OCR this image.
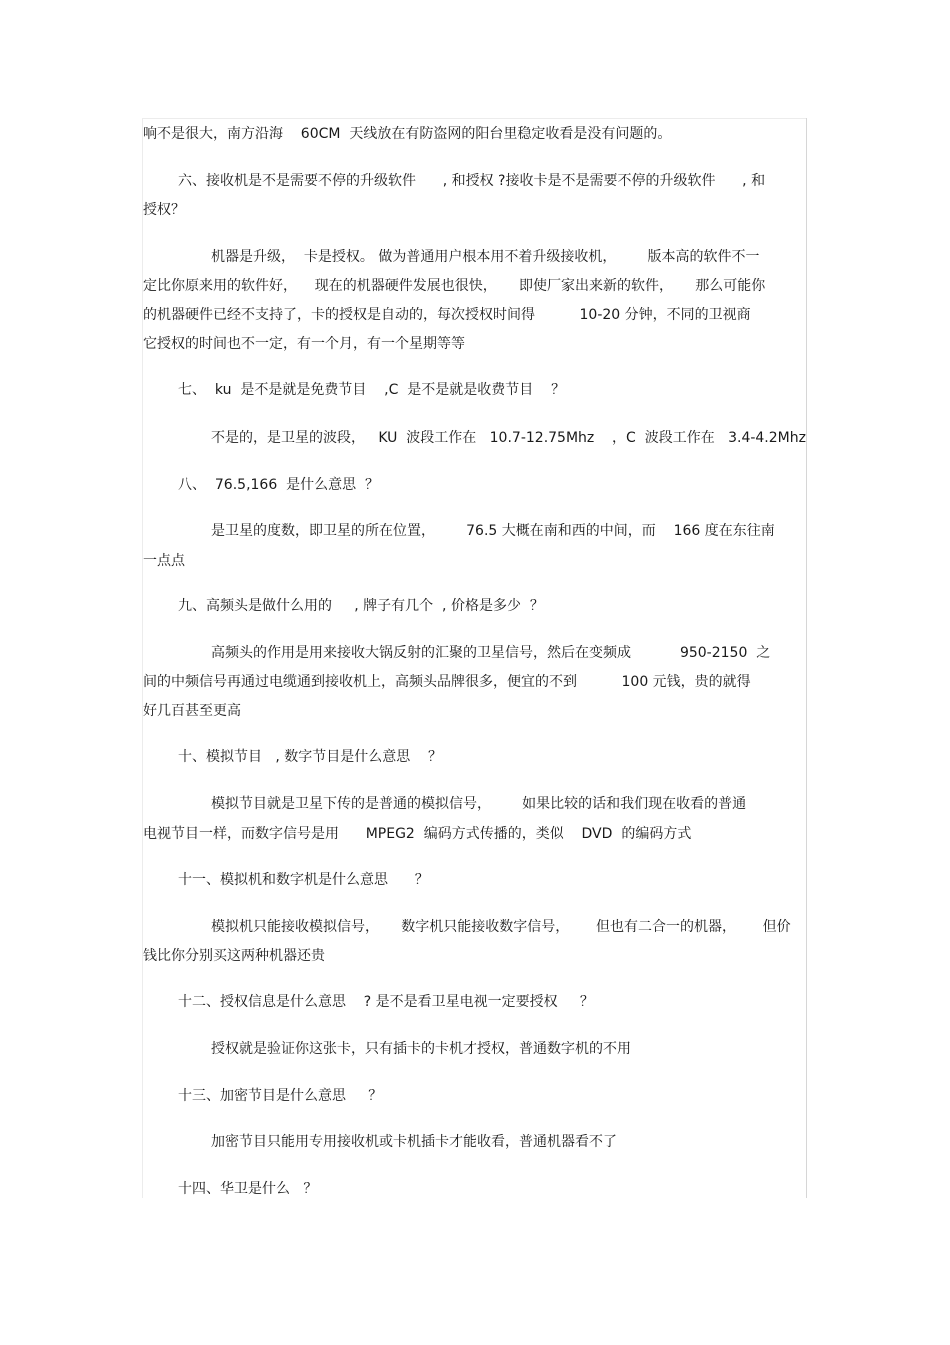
响不是很大，南方沿海    60CM  天线放在有防盗网的阳台里稳定收看是没有问题的。
六、接收机是不是需要不停的升级软件      , 和授权 ?接收卡是不是需要不停的升级软件      , 和
授权？
机器是升级，  卡是授权。 做为普通用户根本用不着升级接收机，       版本高的软件不一
定比你原来用的软件好，    现在的机器硬件发展也很快，     即使厂家出来新的软件，     那么可能你
的机器硬件已经不支持了，卡的授权是自动的，每次授权时间得          10-20 分钟，不同的卫视商
它授权的时间也不一定，有一个月，有一个星期等等
七、  ku  是不是就是免费节目    ,C  是不是就是收费节目    ？
不是的，是卫星的波段，   KU  波段工作在   10.7-12.75Mhz    ，C  波段工作在   3.4-4.2Mhz
八、  76.5,166  是什么意思  ？
是卫星的度数，即卫星的所在位置，       76.5 大概在南和西的中间，而    166 度在东往南
一点点
九、高频头是做什么用的     , 牌子有几个  , 价格是多少  ？
高频头的作用是用来接收大锅反射的汇聚的卫星信号，然后在变频成           950-2150  之
间的中频信号再通过电缆通到接收机上，高频头品牌很多，便宜的不到          100 元钱，贵的就得
好几百甚至更高
十、模拟节目   , 数字节目是什么意思    ？
模拟节目就是卫星下传的是普通的模拟信号，       如果比较的话和我们现在收看的普通
电视节目一样，而数字信号是用      MPEG2  编码方式传播的，类似    DVD  的编码方式
十一、模拟机和数字机是什么意思      ？
模拟机只能接收模拟信号，     数字机只能接收数字信号，      但也有二合一的机器，      但价
钱比你分别买这两种机器还贵
十二、授权信息是什么意思    ? 是不是看卫星电视一定要授权     ？
授权就是验证你这张卡，只有插卡的卡机才授权，普通数字机的不用
十三、加密节目是什么意思     ？
加密节目只能用专用接收机或卡机插卡才能收看，普通机器看不了
十四、华卫是什么   ？
